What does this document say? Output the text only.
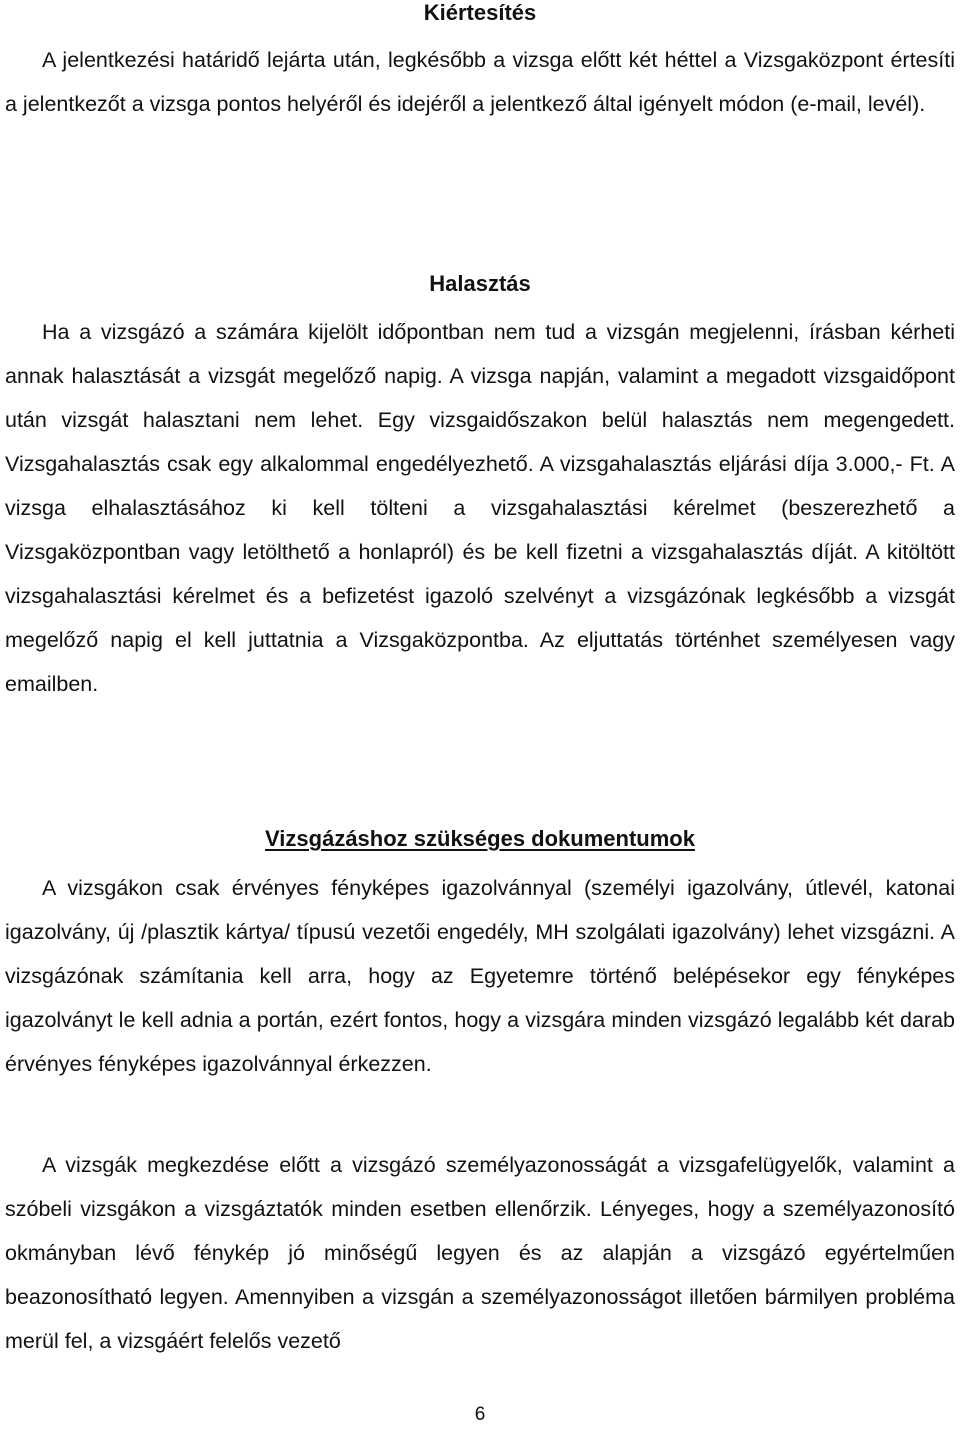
Kiértesítés

A jelentkezési határidő lejárta után, legkésőbb a vizsga előtt két héttel a Vizsgaközpont értesíti a jelentkezőt a vizsga pontos helyéről és idejéről a jelentkező által igényelt módon (e-mail, levél).

Halasztás

Ha a vizsgázó a számára kijelölt időpontban nem tud a vizsgán megjelenni, írásban kérheti annak halasztását a vizsgát megelőző napig. A vizsga napján, valamint a megadott vizsgaidőpont után vizsgát halasztani nem lehet. Egy vizsgaidőszakon belül halasztás nem megengedett. Vizsgahalasztás csak egy alkalommal engedélyezhető. A vizsgahalasztás eljárási díja 3.000,- Ft. A vizsga elhalasztásához ki kell tölteni a vizsgahalasztási kérelmet (beszerezhető a Vizsgaközpontban vagy letölthető a honlapról) és be kell fizetni a vizsgahalasztás díját. A kitöltött vizsgahalasztási kérelmet és a befizetést igazoló szelvényt a vizsgázónak legkésőbb a vizsgát megelőző napig el kell juttatnia a Vizsgaközpontba. Az eljuttatás történhet személyesen vagy emailben.

Vizsgázáshoz szükséges dokumentumok

A vizsgákon csak érvényes fényképes igazolvánnyal (személyi igazolvány, útlevél, katonai igazolvány, új /plasztik kártya/ típusú vezetői engedély, MH szolgálati igazolvány) lehet vizsgázni. A vizsgázónak számítania kell arra, hogy az Egyetemre történő belépésekor egy fényképes igazolványt le kell adnia a portán, ezért fontos, hogy a vizsgára minden vizsgázó legalább két darab érvényes fényképes igazolvánnyal érkezzen.

A vizsgák megkezdése előtt a vizsgázó személyazonosságát a vizsgafelügyelők, valamint a szóbeli vizsgákon a vizsgáztatók minden esetben ellenőrzik. Lényeges, hogy a személyazonosító okmányban lévő fénykép jó minőségű legyen és az alapján a vizsgázó egyértelműen beazonosítható legyen. Amennyiben a vizsgán a személyazonosságot illetően bármilyen probléma merül fel, a vizsgáért felelős vezető

6
